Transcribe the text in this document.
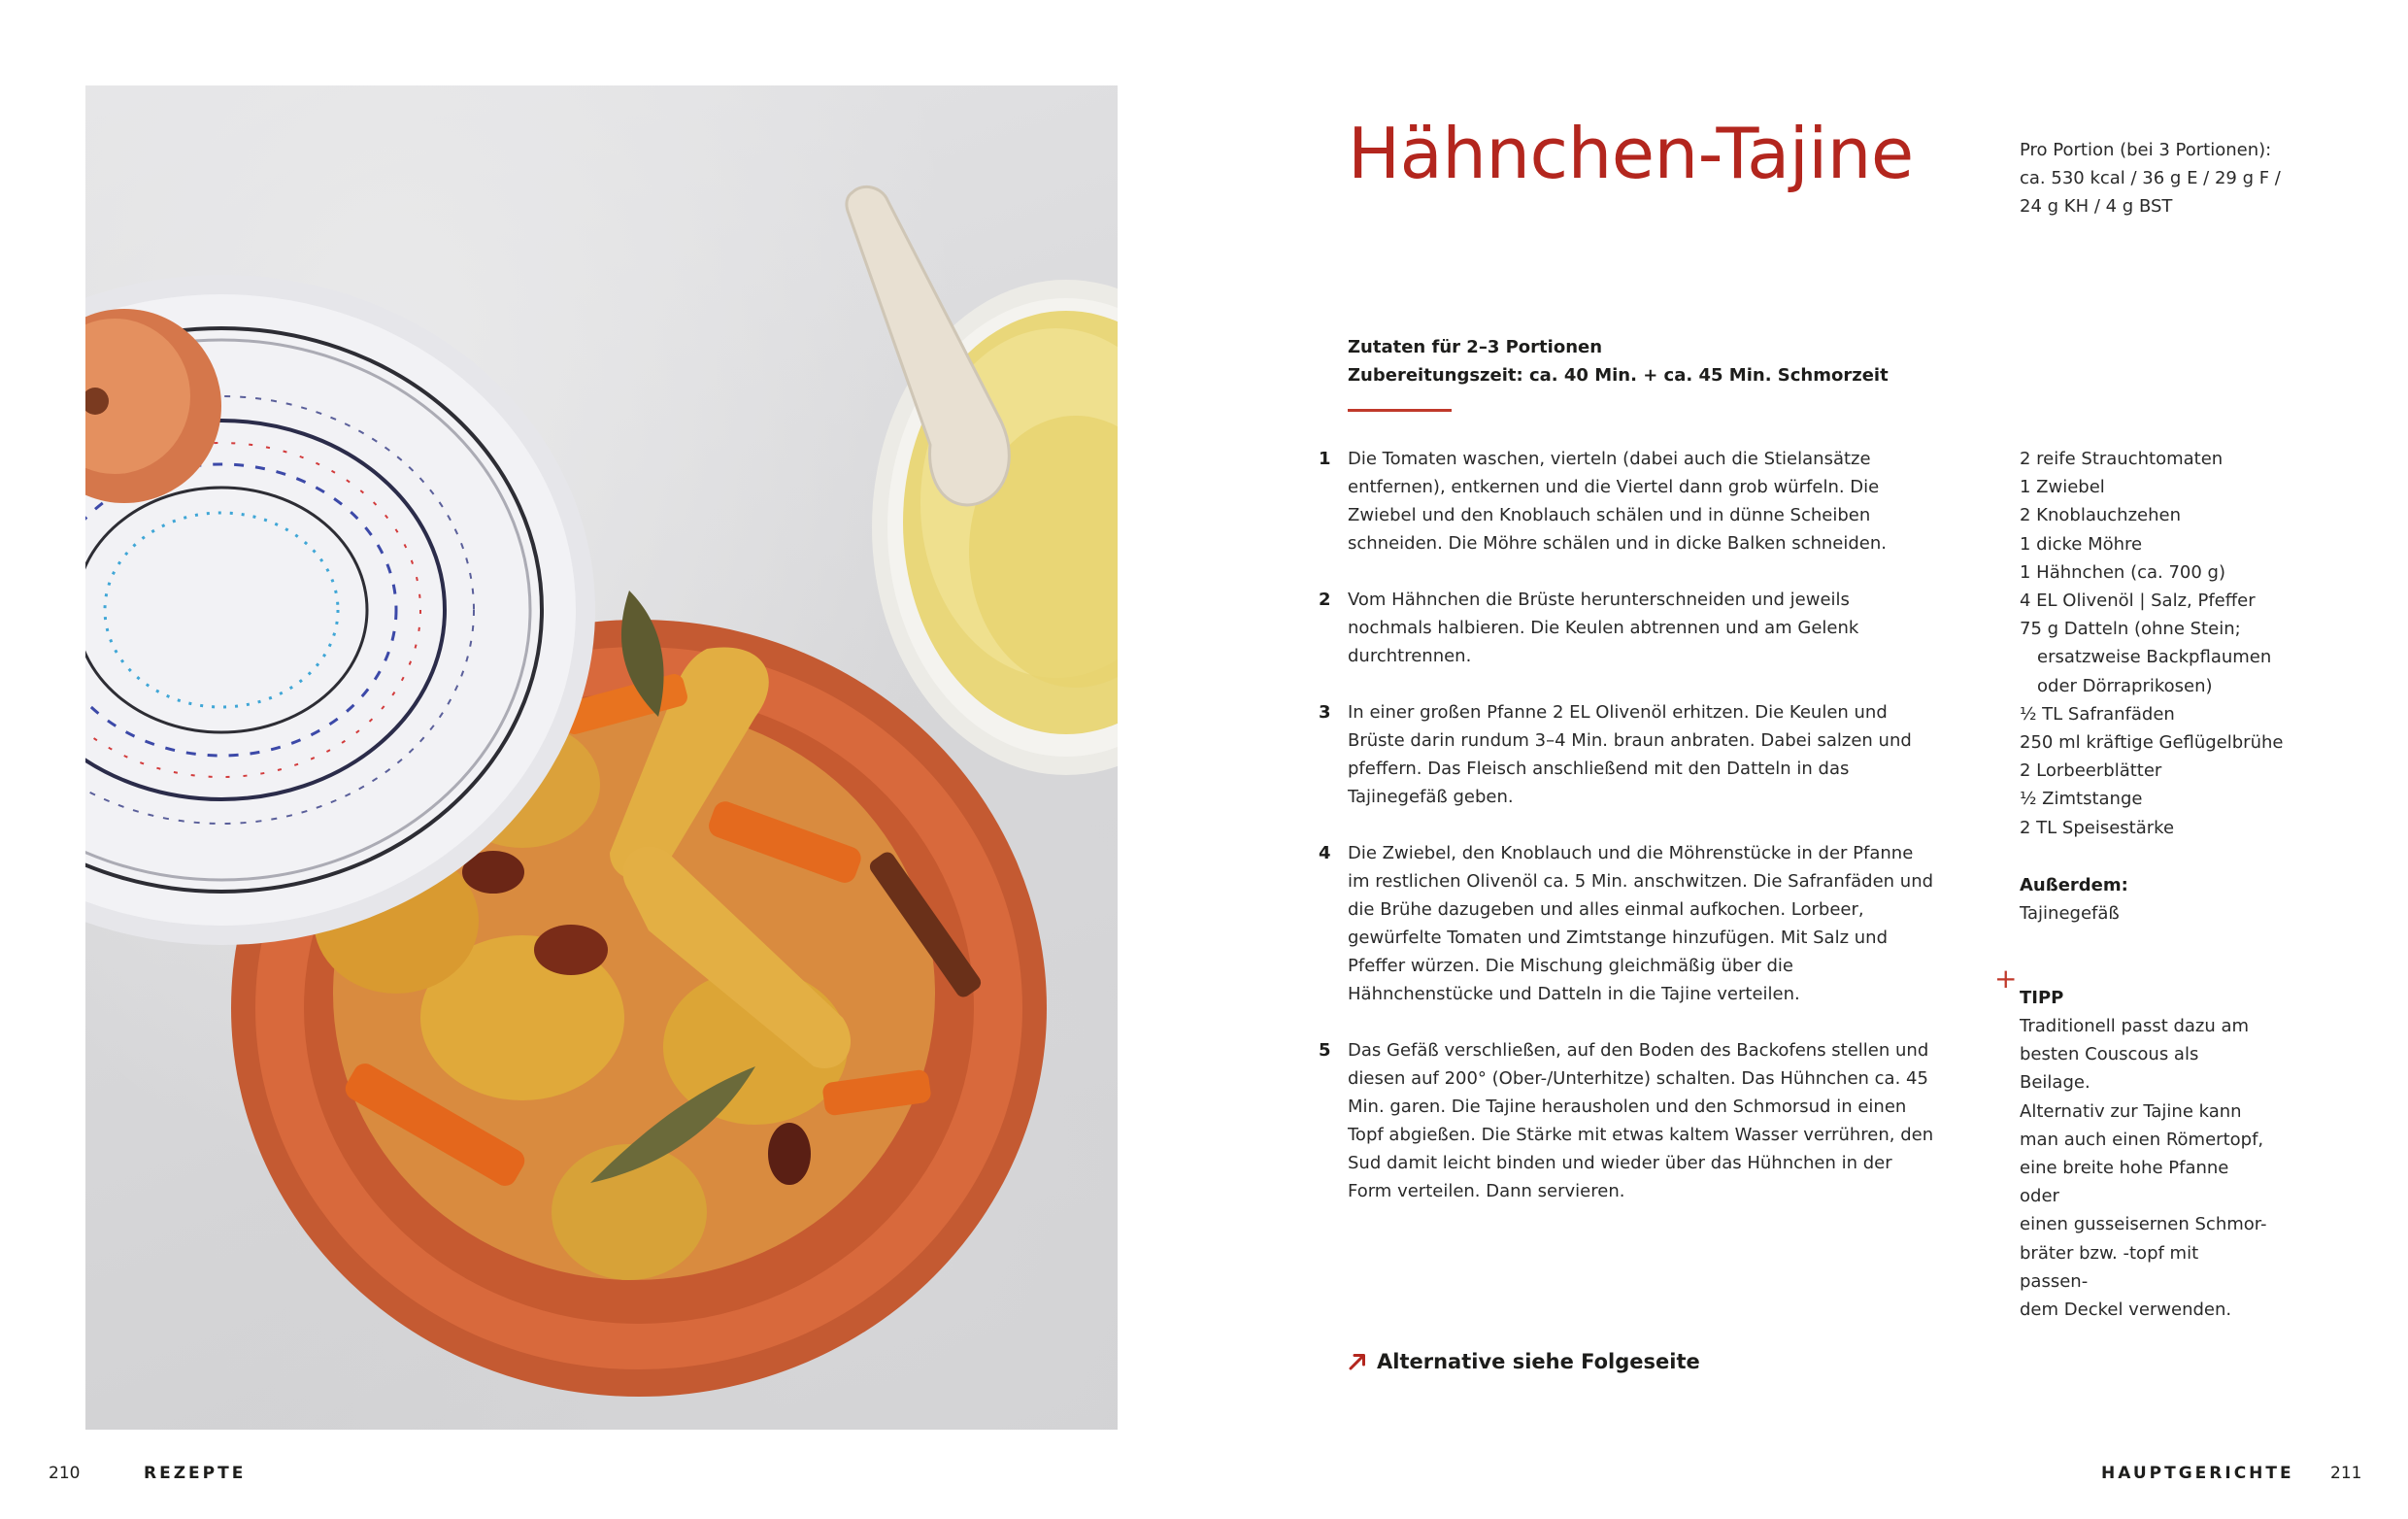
Hähnchen-Tajine	Pro Portion (bei 3 Portionen):
ca. 530 kcal / 36 g E / 29 g F /
24 g KH / 4 g BST
Zutaten für 2–3 Portionen
Zubereitungszeit: ca. 40 Min. + ca. 45 Min. Schmorzeit
1 Die Tomaten waschen, vierteln (dabei auch die Stielansätze entfernen), entkernen und die Viertel dann grob würfeln. Die Zwiebel und den Knoblauch schälen und in dünne Scheiben schneiden. Die Möhre schälen und in dicke Balken schneiden.
2 Vom Hähnchen die Brüste herunterschneiden und jeweils nochmals halbieren. Die Keulen abtrennen und am Gelenk durchtrennen.
3 In einer großen Pfanne 2 EL Olivenöl erhitzen. Die Keulen und Brüste darin rundum 3–4 Min. braun anbraten. Dabei salzen und pfeffern. Das Fleisch anschließend mit den Datteln in das Tajinegefäß geben.
4 Die Zwiebel, den Knoblauch und die Möhrenstücke in der Pfanne im restlichen Olivenöl ca. 5 Min. anschwitzen. Die Safranfäden und die Brühe dazugeben und alles einmal aufkochen. Lorbeer, gewürfelte Tomaten und Zimtstange hinzufügen. Mit Salz und Pfeffer würzen. Die Mischung gleichmäßig über die Hähnchenstücke und Datteln in die Tajine verteilen.
5 Das Gefäß verschließen, auf den Boden des Backofens stellen und diesen auf 200° (Ober-/Unterhitze) schalten. Das Hühnchen ca. 45 Min. garen. Die Tajine herausholen und den Schmorsud in einen Topf abgießen. Die Stärke mit etwas kaltem Wasser verrühren, den Sud damit leicht binden und wieder über das Hühnchen in der Form verteilen. Dann servieren.
2 reife Strauchtomaten
1 Zwiebel
2 Knoblauchzehen
1 dicke Möhre
1 Hähnchen (ca. 700 g)
4 EL Olivenöl | Salz, Pfeffer
75 g Datteln (ohne Stein;
ersatzweise Backpflaumen
oder Dörraprikosen)
½ TL Safranfäden
250 ml kräftige Geflügelbrühe
2 Lorbeerblätter
½ Zimtstange
2 TL Speisestärke
Außerdem:
Tajinegefäß
+
TIPP
Traditionell passt dazu am
besten Couscous als Beilage.
Alternativ zur Tajine kann
man auch einen Römertopf,
eine breite hohe Pfanne oder
einen gusseisernen Schmor-
bräter bzw. -topf mit passen-
dem Deckel verwenden.
Alternative siehe Folgeseite
210	REZEPTE	HAUPTGERICHTE 211
